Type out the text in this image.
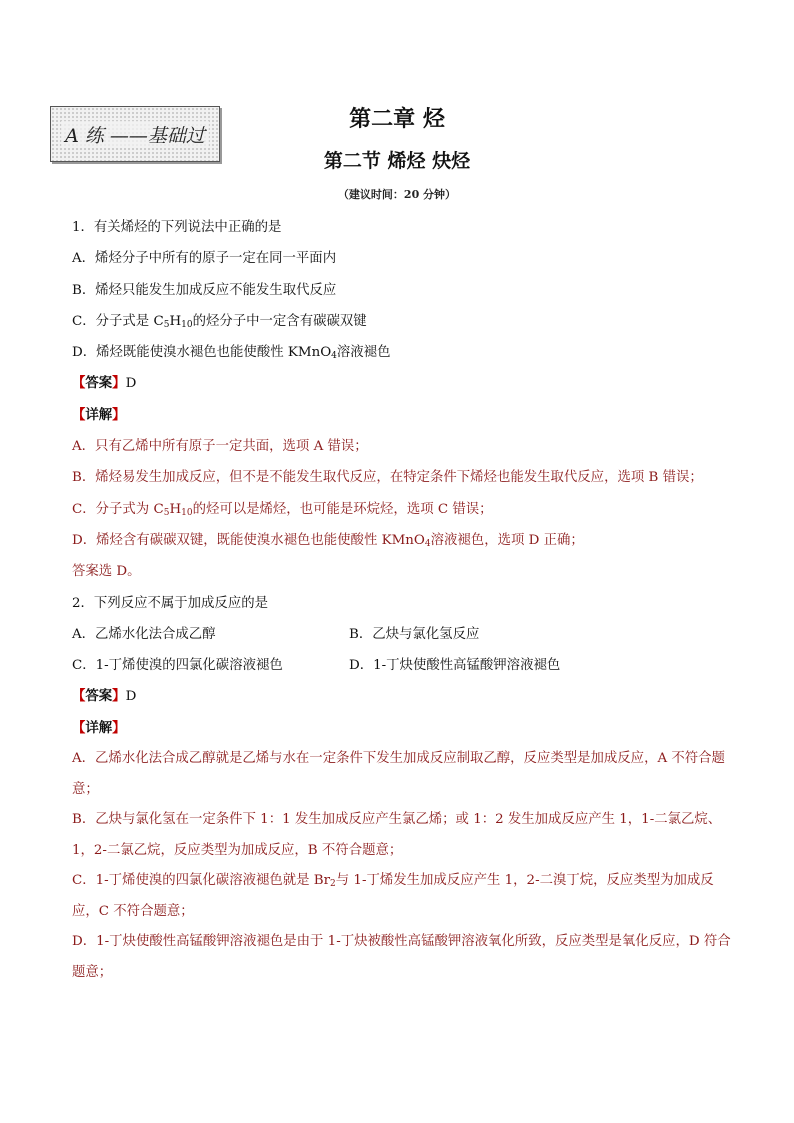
A 练 ——基础过
第二章 烃
第二节 烯烃 炔烃
（建议时间：20 分钟）
1．有关烯烃的下列说法中正确的是
A．烯烃分子中所有的原子一定在同一平面内
B．烯烃只能发生加成反应不能发生取代反应
C．分子式是 $C_5H_{10}$的烃分子中一定含有碳碳双键
D．烯烃既能使溴水褪色也能使酸性 KMnO$_4$溶液褪色
【答案】D
【详解】
A．只有乙烯中所有原子一定共面，选项 A 错误；
B．烯烃易发生加成反应，但不是不能发生取代反应，在特定条件下烯烃也能发生取代反应，选项 B 错误；
C．分子式为 $C_5H_{10}$的烃可以是烯烃，也可能是环烷烃，选项 C 错误；
D．烯烃含有碳碳双键，既能使溴水褪色也能使酸性 KMnO$_4$溶液褪色，选项 D 正确；
答案选 D。
2．下列反应不属于加成反应的是
A．乙烯水化法合成乙醇	B．乙炔与氯化氢反应
C．1-丁烯使溴的四氯化碳溶液褪色	D．1-丁炔使酸性高锰酸钾溶液褪色
【答案】D
【详解】
A．乙烯水化法合成乙醇就是乙烯与水在一定条件下发生加成反应制取乙醇，反应类型是加成反应，A 不符合题意；
B．乙炔与氯化氢在一定条件下 1：1 发生加成反应产生氯乙烯；或 1：2 发生加成反应产生 1，1-二氯乙烷、1，2-二氯乙烷，反应类型为加成反应，B 不符合题意；
C．1-丁烯使溴的四氯化碳溶液褪色就是 $Br_2$与 1-丁烯发生加成反应产生 1，2-二溴丁烷，反应类型为加成反应，C 不符合题意；
D．1-丁炔使酸性高锰酸钾溶液褪色是由于 1-丁炔被酸性高锰酸钾溶液氧化所致，反应类型是氧化反应，D 符合题意；
